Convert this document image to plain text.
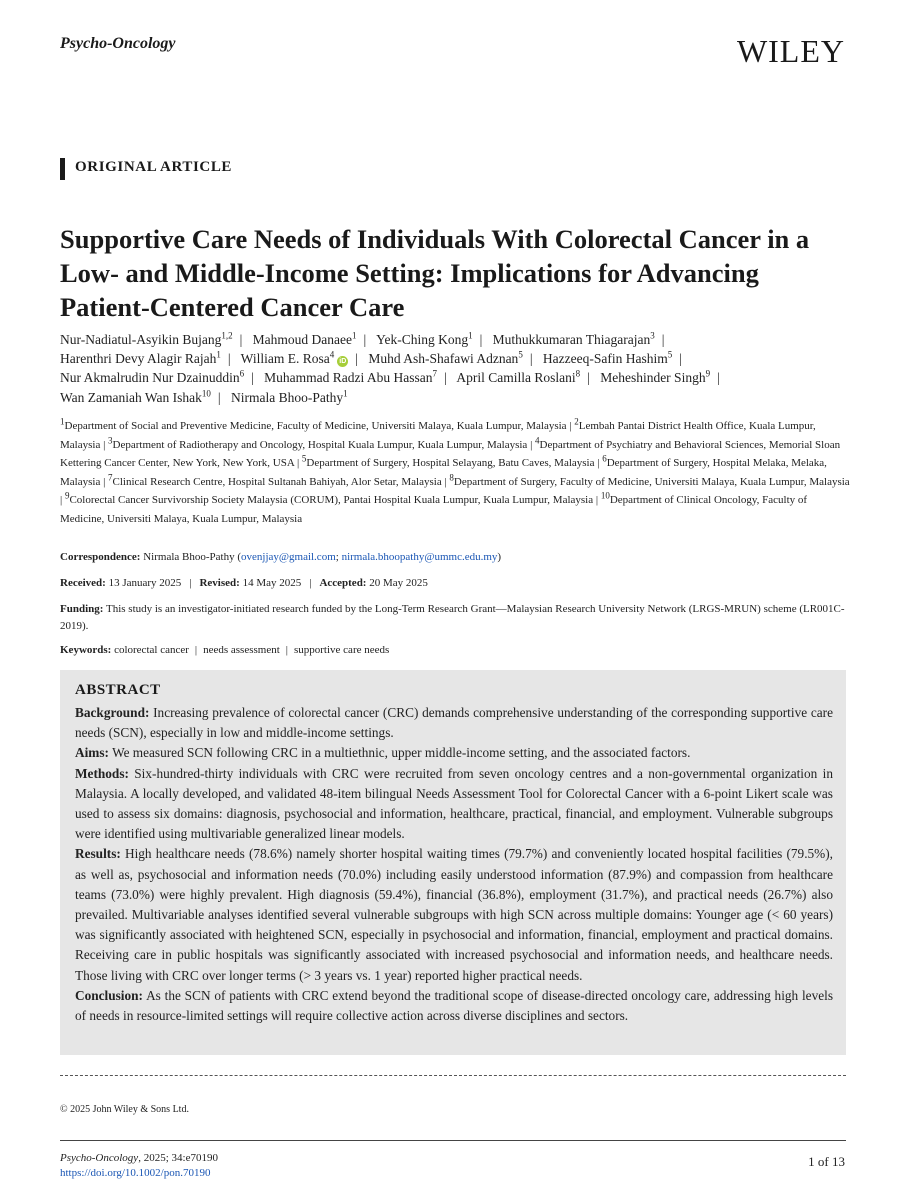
Psycho-Oncology	WILEY
ORIGINAL ARTICLE
Supportive Care Needs of Individuals With Colorectal Cancer in a Low- and Middle-Income Setting: Implications for Advancing Patient-Centered Cancer Care
Nur-Nadiatul-Asyikin Bujang$^{1,2}$ | Mahmoud Danaee$^1$ | Yek-Ching Kong$^1$ | Muthukkumaran Thiagarajan$^3$ |
Harenthri Devy Alagir Rajah$^1$ | William E. Rosa$^4$iD | Muhd Ash-Shafawi Adznan$^5$ | Hazzeeq-Safin Hashim$^5$ |
Nur Akmalrudin Nur Dzainuddin$^6$ | Muhammad Radzi Abu Hassan$^7$ | April Camilla Roslani$^8$ | Meheshinder Singh$^9$ |
Wan Zamaniah Wan Ishak$^{10}$ | Nirmala Bhoo-Pathy$^1$
$^1$Department of Social and Preventive Medicine, Faculty of Medicine, Universiti Malaya, Kuala Lumpur, Malaysia | $^2$Lembah Pantai District Health Office, Kuala Lumpur, Malaysia | $^3$Department of Radiotherapy and Oncology, Hospital Kuala Lumpur, Kuala Lumpur, Malaysia | $^4$Department of Psychiatry and Behavioral Sciences, Memorial Sloan Kettering Cancer Center, New York, New York, USA | $^5$Department of Surgery, Hospital Selayang, Batu Caves, Malaysia | $^6$Department of Surgery, Hospital Melaka, Melaka, Malaysia | $^7$Clinical Research Centre, Hospital Sultanah Bahiyah, Alor Setar, Malaysia | $^8$Department of Surgery, Faculty of Medicine, Universiti Malaya, Kuala Lumpur, Malaysia | $^9$Colorectal Cancer Survivorship Society Malaysia (CORUM), Pantai Hospital Kuala Lumpur, Kuala Lumpur, Malaysia | $^{10}$Department of Clinical Oncology, Faculty of Medicine, Universiti Malaya, Kuala Lumpur, Malaysia
Correspondence: Nirmala Bhoo-Pathy (ovenjjay@gmail.com; nirmala.bhoopathy@ummc.edu.my)
Received: 13 January 2025 | Revised: 14 May 2025 | Accepted: 20 May 2025
Funding: This study is an investigator-initiated research funded by the Long-Term Research Grant—Malaysian Research University Network (LRGS-MRUN) scheme (LR001C-2019).
Keywords: colorectal cancer | needs assessment | supportive care needs
ABSTRACT

Background: Increasing prevalence of colorectal cancer (CRC) demands comprehensive understanding of the corresponding supportive care needs (SCN), especially in low and middle-income settings.

Aims: We measured SCN following CRC in a multiethnic, upper middle-income setting, and the associated factors.

Methods: Six-hundred-thirty individuals with CRC were recruited from seven oncology centres and a non-governmental organization in Malaysia. A locally developed, and validated 48-item bilingual Needs Assessment Tool for Colorectal Cancer with a 6-point Likert scale was used to assess six domains: diagnosis, psychosocial and information, healthcare, practical, financial, and employment. Vulnerable subgroups were identified using multivariable generalized linear models.

Results: High healthcare needs (78.6%) namely shorter hospital waiting times (79.7%) and conveniently located hospital facilities (79.5%), as well as, psychosocial and information needs (70.0%) including easily understood information (87.9%) and compassion from healthcare teams (73.0%) were highly prevalent. High diagnosis (59.4%), financial (36.8%), employment (31.7%), and practical needs (26.7%) also prevailed. Multivariable analyses identified several vulnerable subgroups with high SCN across multiple domains: Younger age (< 60 years) was significantly associated with heightened SCN, especially in psychosocial and information, financial, employment and practical domains. Receiving care in public hospitals was significantly associated with increased psychosocial and information needs, and healthcare needs. Those living with CRC over longer terms (> 3 years vs. 1 year) reported higher practical needs.

Conclusion: As the SCN of patients with CRC extend beyond the traditional scope of disease-directed oncology care, addressing high levels of needs in resource-limited settings will require collective action across diverse disciplines and sectors.

© 2025 John Wiley & Sons Ltd.
Psycho-Oncology, 2025; 34:e70190
https://doi.org/10.1002/pon.70190
1 of 13
